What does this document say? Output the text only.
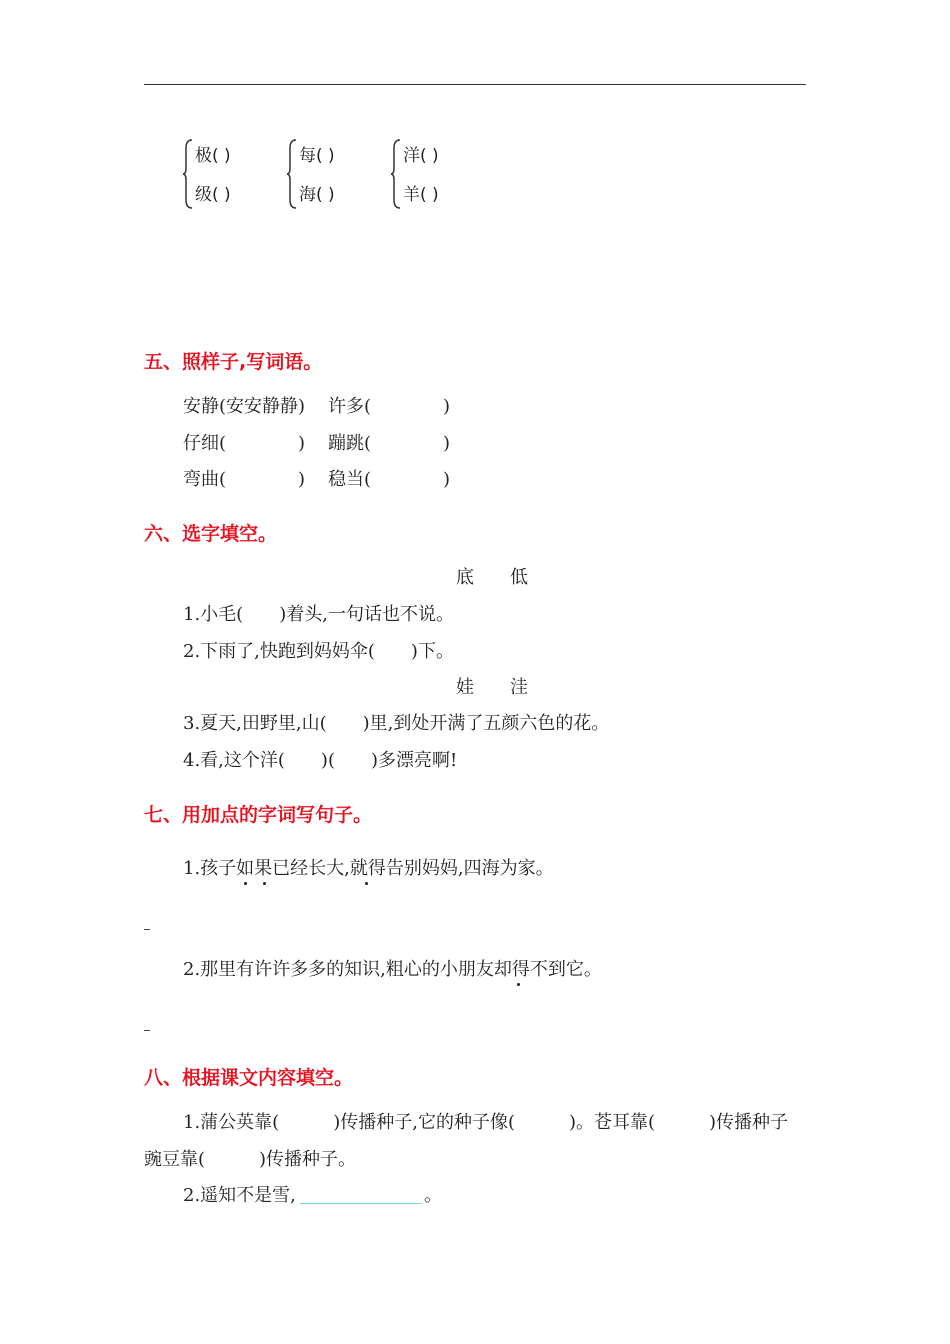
极( )
级( )
每( )
海( )
洋( )
羊( )
五、照样子,写词语。
安静(安安静静) 许多(　　　　)
仔细(　　　　) 蹦跳(　　　　)
弯曲(　　　　) 稳当(　　　　)
六、选字填空。
底　　低
1.小毛(　　)着头,一句话也不说。
2.下雨了,快跑到妈妈伞(　　)下。
娃　　洼
3.夏天,田野里,山(　　)里,到处开满了五颜六色的花。
4.看,这个洋(　　)(　　)多漂亮啊!
七、用加点的字词写句子。
1.孩子如果已经长大,就得告别妈妈,四海为家。
2.那里有许许多多的知识,粗心的小朋友却得不到它。
八、根据课文内容填空。
1.蒲公英靠(　　　)传播种子,它的种子像(　　　)。苍耳靠(　　　)传播种子
豌豆靠(　　　)传播种子。
2.遥知不是雪,	。
